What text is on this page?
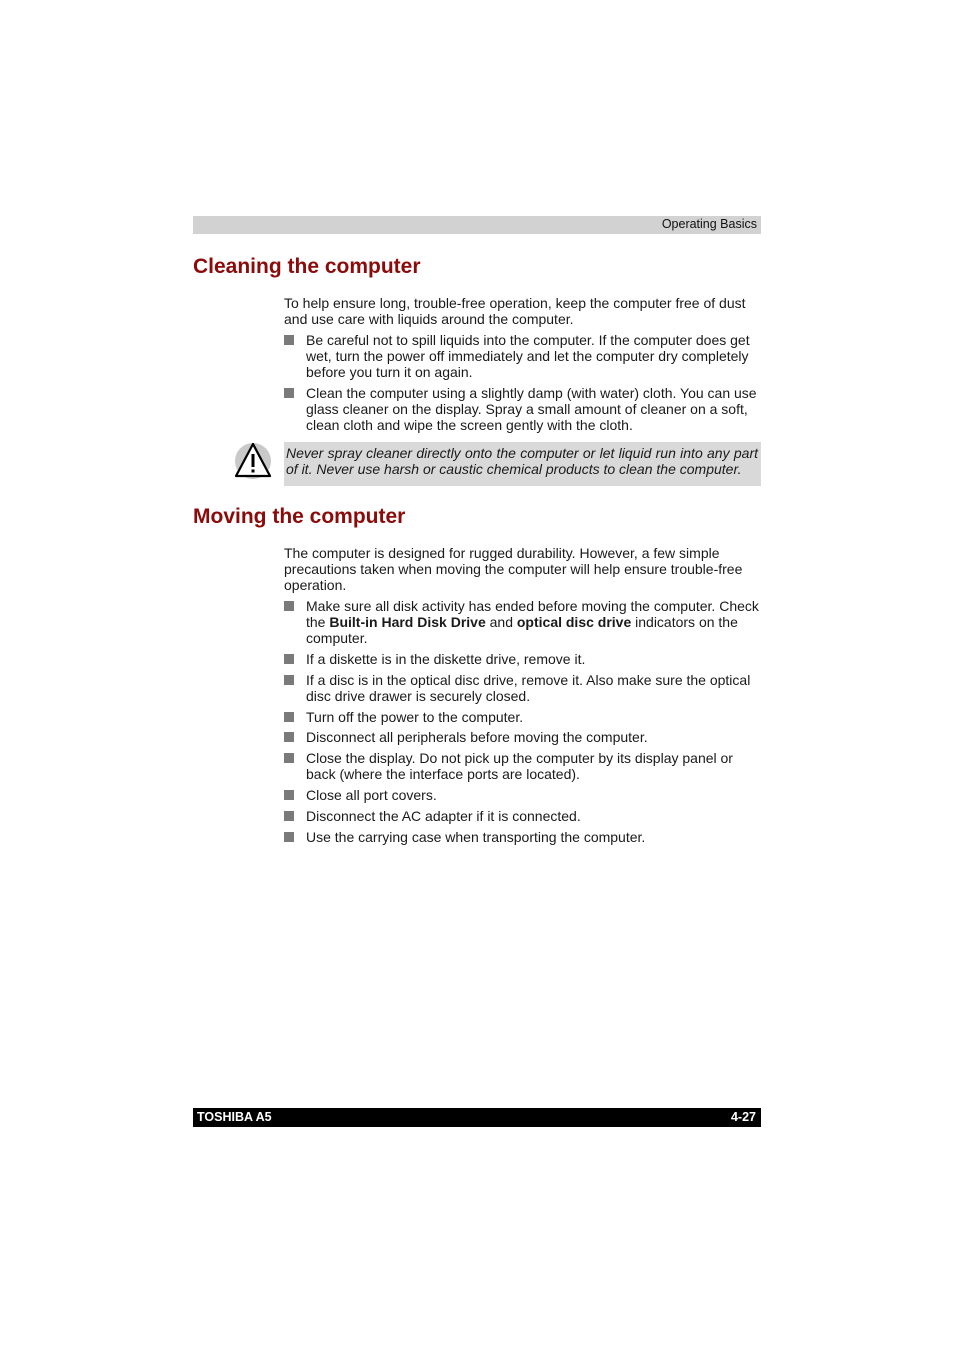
Operating Basics
Cleaning the computer

To help ensure long, trouble-free operation, keep the computer free of dust and use care with liquids around the computer.

Be careful not to spill liquids into the computer. If the computer does get wet, turn the power off immediately and let the computer dry completely before you turn it on again.
Clean the computer using a slightly damp (with water) cloth. You can use glass cleaner on the display. Spray a small amount of cleaner on a soft, clean cloth and wipe the screen gently with the cloth.

Never spray cleaner directly onto the computer or let liquid run into any part of it. Never use harsh or caustic chemical products to clean the computer.

Moving the computer

The computer is designed for rugged durability. However, a few simple precautions taken when moving the computer will help ensure trouble-free operation.

Make sure all disk activity has ended before moving the computer. Check the Built-in Hard Disk Drive and optical disc drive indicators on the computer.
If a diskette is in the diskette drive, remove it.
If a disc is in the optical disc drive, remove it. Also make sure the optical disc drive drawer is securely closed.
Turn off the power to the computer.
Disconnect all peripherals before moving the computer.
Close the display. Do not pick up the computer by its display panel or back (where the interface ports are located).
Close all port covers.
Disconnect the AC adapter if it is connected.
Use the carrying case when transporting the computer.
TOSHIBA A5	4-27
